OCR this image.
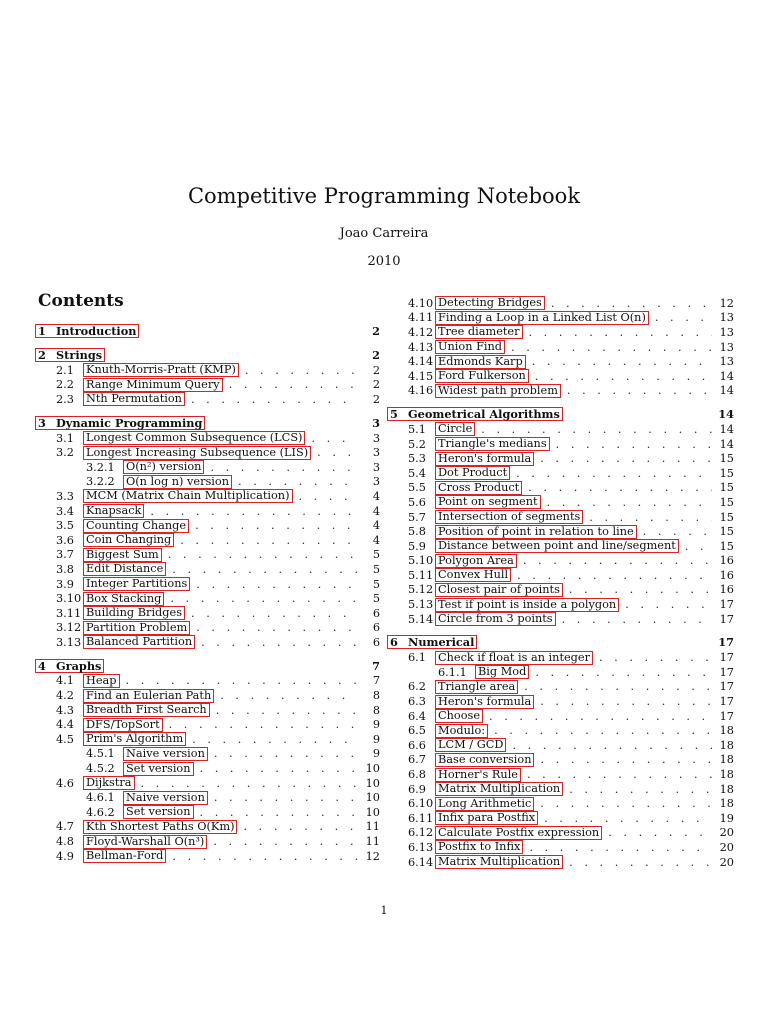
Competitive Programming Notebook
Joao Carreira
2010
Contents
1 Introduction	2
2 Strings	2
2.1	Knuth-Morris-Pratt (KMP) . . .	2
2.2	Range Minimum Query . . .	2
2.3	Nth Permutation . . .	2
3 Dynamic Programming	3
3.1	Longest Common Subsequence (LCS) . . .	3
3.2	Longest Increasing Subsequence (LIS) . . .	3
3.2.1 O(n²) version . . .	3
3.2.2 O(n log n) version . . .	3
3.3	MCM (Matrix Chain Multiplication) . . .	4
3.4	Knapsack . . .	4
3.5	Counting Change . . .	4
3.6	Coin Changing . . .	4
3.7	Biggest Sum . . .	5
3.8	Edit Distance . . .	5
3.9	Integer Partitions . . .	5
3.10 Box Stacking . . .	5
3.11 Building Bridges . . .	6
3.12 Partition Problem . . .	6
3.13 Balanced Partition . . .	6
4 Graphs	7
4.1	Heap . . .	7
4.2	Find an Eulerian Path . . .	8
4.3	Breadth First Search . . .	8
4.4	DFS/TopSort . . .	9
4.5	Prim's Algorithm . . .	9
4.5.1 Naive version . . .	9
4.5.2 Set version . . .	10
4.6	Dijkstra . . .	10
4.6.1 Naive version . . .	10
4.6.2 Set version . . .	10
4.7	Kth Shortest Paths O(Km) . . .	11
4.8	Floyd-Warshall O(n³) . . .	11
4.9	Bellman-Ford . . .	12
4.10 Detecting Bridges . . .	12
4.11 Finding a Loop in a Linked List O(n) . . .	13
4.12 Tree diameter . . .	13
4.13 Union Find . . .	13
4.14 Edmonds Karp . . .	13
4.15 Ford Fulkerson . . .	14
4.16 Widest path problem . . .	14
5 Geometrical Algorithms	14
5.1	Circle . . .	14
5.2	Triangle's medians . . .	14
5.3	Heron's formula . . .	15
5.4	Dot Product . . .	15
5.5	Cross Product . . .	15
5.6	Point on segment . . .	15
5.7	Intersection of segments . . .	15
5.8	Position of point in relation to line . . .	15
5.9	Distance between point and line/segment . . .	15
5.10 Polygon Area . . .	16
5.11 Convex Hull . . .	16
5.12 Closest pair of points . . .	16
5.13 Test if point is inside a polygon . . .	17
5.14 Circle from 3 points . . .	17
6 Numerical	17
6.1	Check if float is an integer . . .	17
6.1.1 Big Mod . . .	17
6.2	Triangle area . . .	17
6.3	Heron's formula . . .	17
6.4	Choose . . .	17
6.5	Modulo: . . .	18
6.6	LCM / GCD . . .	18
6.7	Base conversion . . .	18
6.8	Horner's Rule . . .	18
6.9	Matrix Multiplication . . .	18
6.10 Long Arithmetic . . .	18
6.11 Infix para Postfix . . .	19
6.12 Calculate Postfix expression . . .	20
6.13 Postfix to Infix . . .	20
6.14 Matrix Multiplication . . .	20
1
